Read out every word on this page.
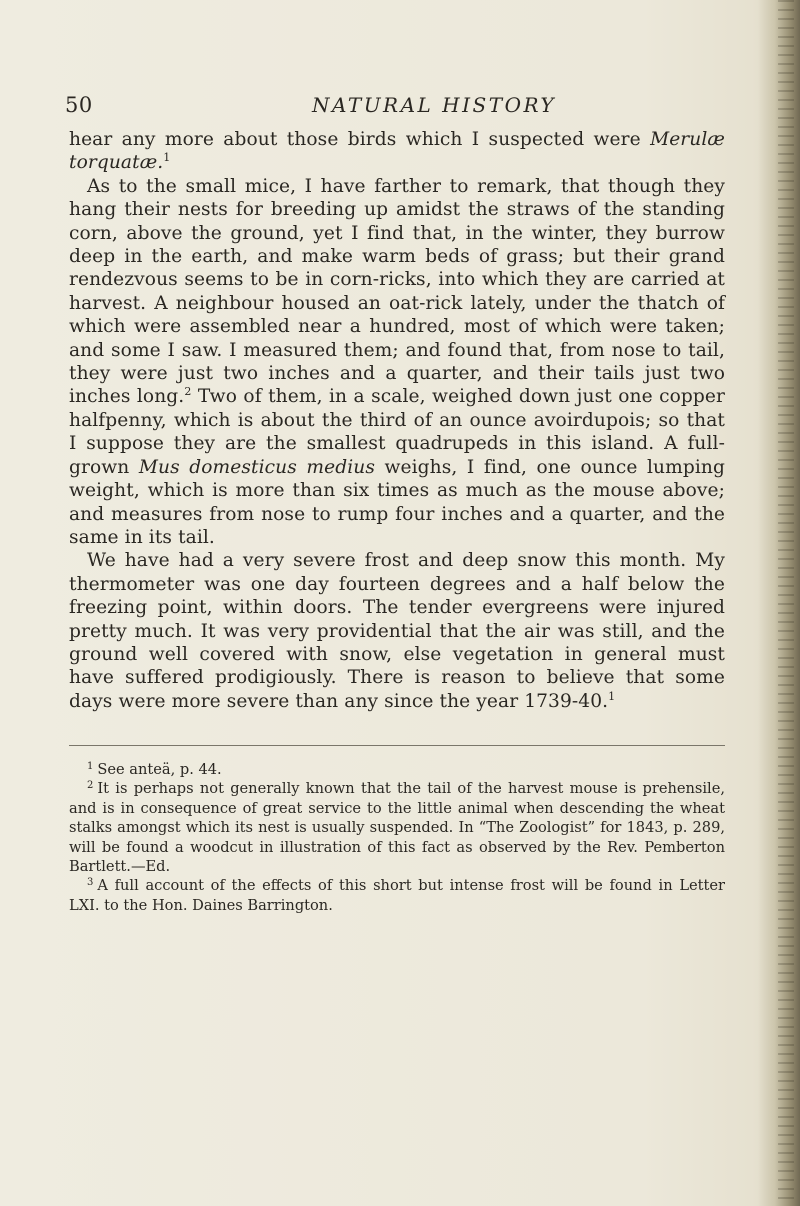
50	NATURAL HISTORY

hear any more about those birds which I suspected were Merulæ torquatæ.$^1$

As to the small mice, I have farther to remark, that though they hang their nests for breeding up amidst the straws of the standing corn, above the ground, yet I find that, in the winter, they burrow deep in the earth, and make warm beds of grass; but their grand rendezvous seems to be in corn-ricks, into which they are carried at harvest. A neighbour housed an oat-rick lately, under the thatch of which were assembled near a hundred, most of which were taken; and some I saw. I measured them; and found that, from nose to tail, they were just two inches and a quarter, and their tails just two inches long.$^2$ Two of them, in a scale, weighed down just one copper halfpenny, which is about the third of an ounce avoirdupois; so that I suppose they are the smallest quadrupeds in this island. A full-grown Mus domesticus medius weighs, I find, one ounce lumping weight, which is more than six times as much as the mouse above; and measures from nose to rump four inches and a quarter, and the same in its tail.

We have had a very severe frost and deep snow this month. My thermometer was one day fourteen degrees and a half below the freezing point, within doors. The tender evergreens were injured pretty much. It was very providential that the air was still, and the ground well covered with snow, else vegetation in general must have suffered prodigiously. There is reason to believe that some days were more severe than any since the year 1739-40.$^1$

$^1$ See anteä, p. 44.

$^2$ It is perhaps not generally known that the tail of the harvest mouse is prehensile, and is in consequence of great service to the little animal when descending the wheat stalks amongst which its nest is usually suspended. In “The Zoologist” for 1843, p. 289, will be found a woodcut in illustration of this fact as observed by the Rev. Pemberton Bartlett.—Ed.

$^3$ A full account of the effects of this short but intense frost will be found in Letter LXI. to the Hon. Daines Barrington.
